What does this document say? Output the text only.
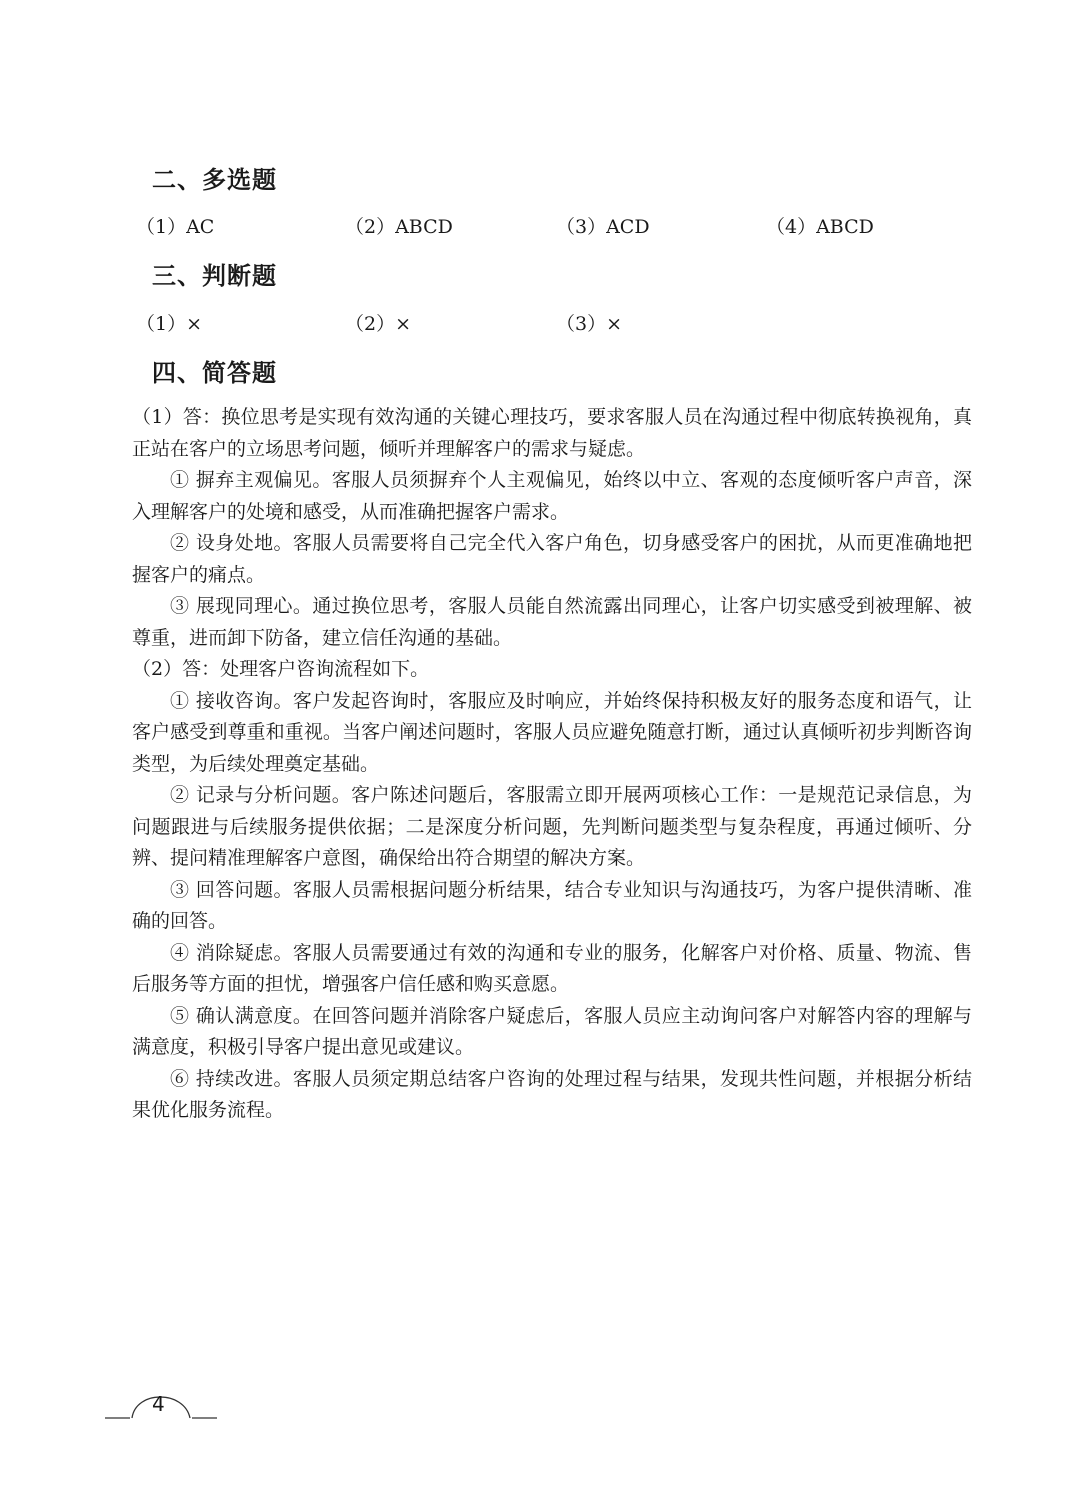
二、多选题
（1）AC	（2）ABCD	（3）ACD	（4）ABCD
三、判断题
（1）×	（2）×	（3）×
四、简答题

（1）答：换位思考是实现有效沟通的关键心理技巧，要求客服人员在沟通过程中彻底转换视角，真正站在客户的立场思考问题，倾听并理解客户的需求与疑虑。

① 摒弃主观偏见。客服人员须摒弃个人主观偏见，始终以中立、客观的态度倾听客户声音，深入理解客户的处境和感受，从而准确把握客户需求。

② 设身处地。客服人员需要将自己完全代入客户角色，切身感受客户的困扰，从而更准确地把握客户的痛点。

③ 展现同理心。通过换位思考，客服人员能自然流露出同理心，让客户切实感受到被理解、被尊重，进而卸下防备，建立信任沟通的基础。

（2）答：处理客户咨询流程如下。

① 接收咨询。客户发起咨询时，客服应及时响应，并始终保持积极友好的服务态度和语气，让客户感受到尊重和重视。当客户阐述问题时，客服人员应避免随意打断，通过认真倾听初步判断咨询类型，为后续处理奠定基础。

② 记录与分析问题。客户陈述问题后，客服需立即开展两项核心工作：一是规范记录信息，为问题跟进与后续服务提供依据；二是深度分析问题，先判断问题类型与复杂程度，再通过倾听、分辨、提问精准理解客户意图，确保给出符合期望的解决方案。

③ 回答问题。客服人员需根据问题分析结果，结合专业知识与沟通技巧，为客户提供清晰、准确的回答。

④ 消除疑虑。客服人员需要通过有效的沟通和专业的服务，化解客户对价格、质量、物流、售后服务等方面的担忧，增强客户信任感和购买意愿。

⑤ 确认满意度。在回答问题并消除客户疑虑后，客服人员应主动询问客户对解答内容的理解与满意度，积极引导客户提出意见或建议。

⑥ 持续改进。客服人员须定期总结客户咨询的处理过程与结果，发现共性问题，并根据分析结果优化服务流程。

4
